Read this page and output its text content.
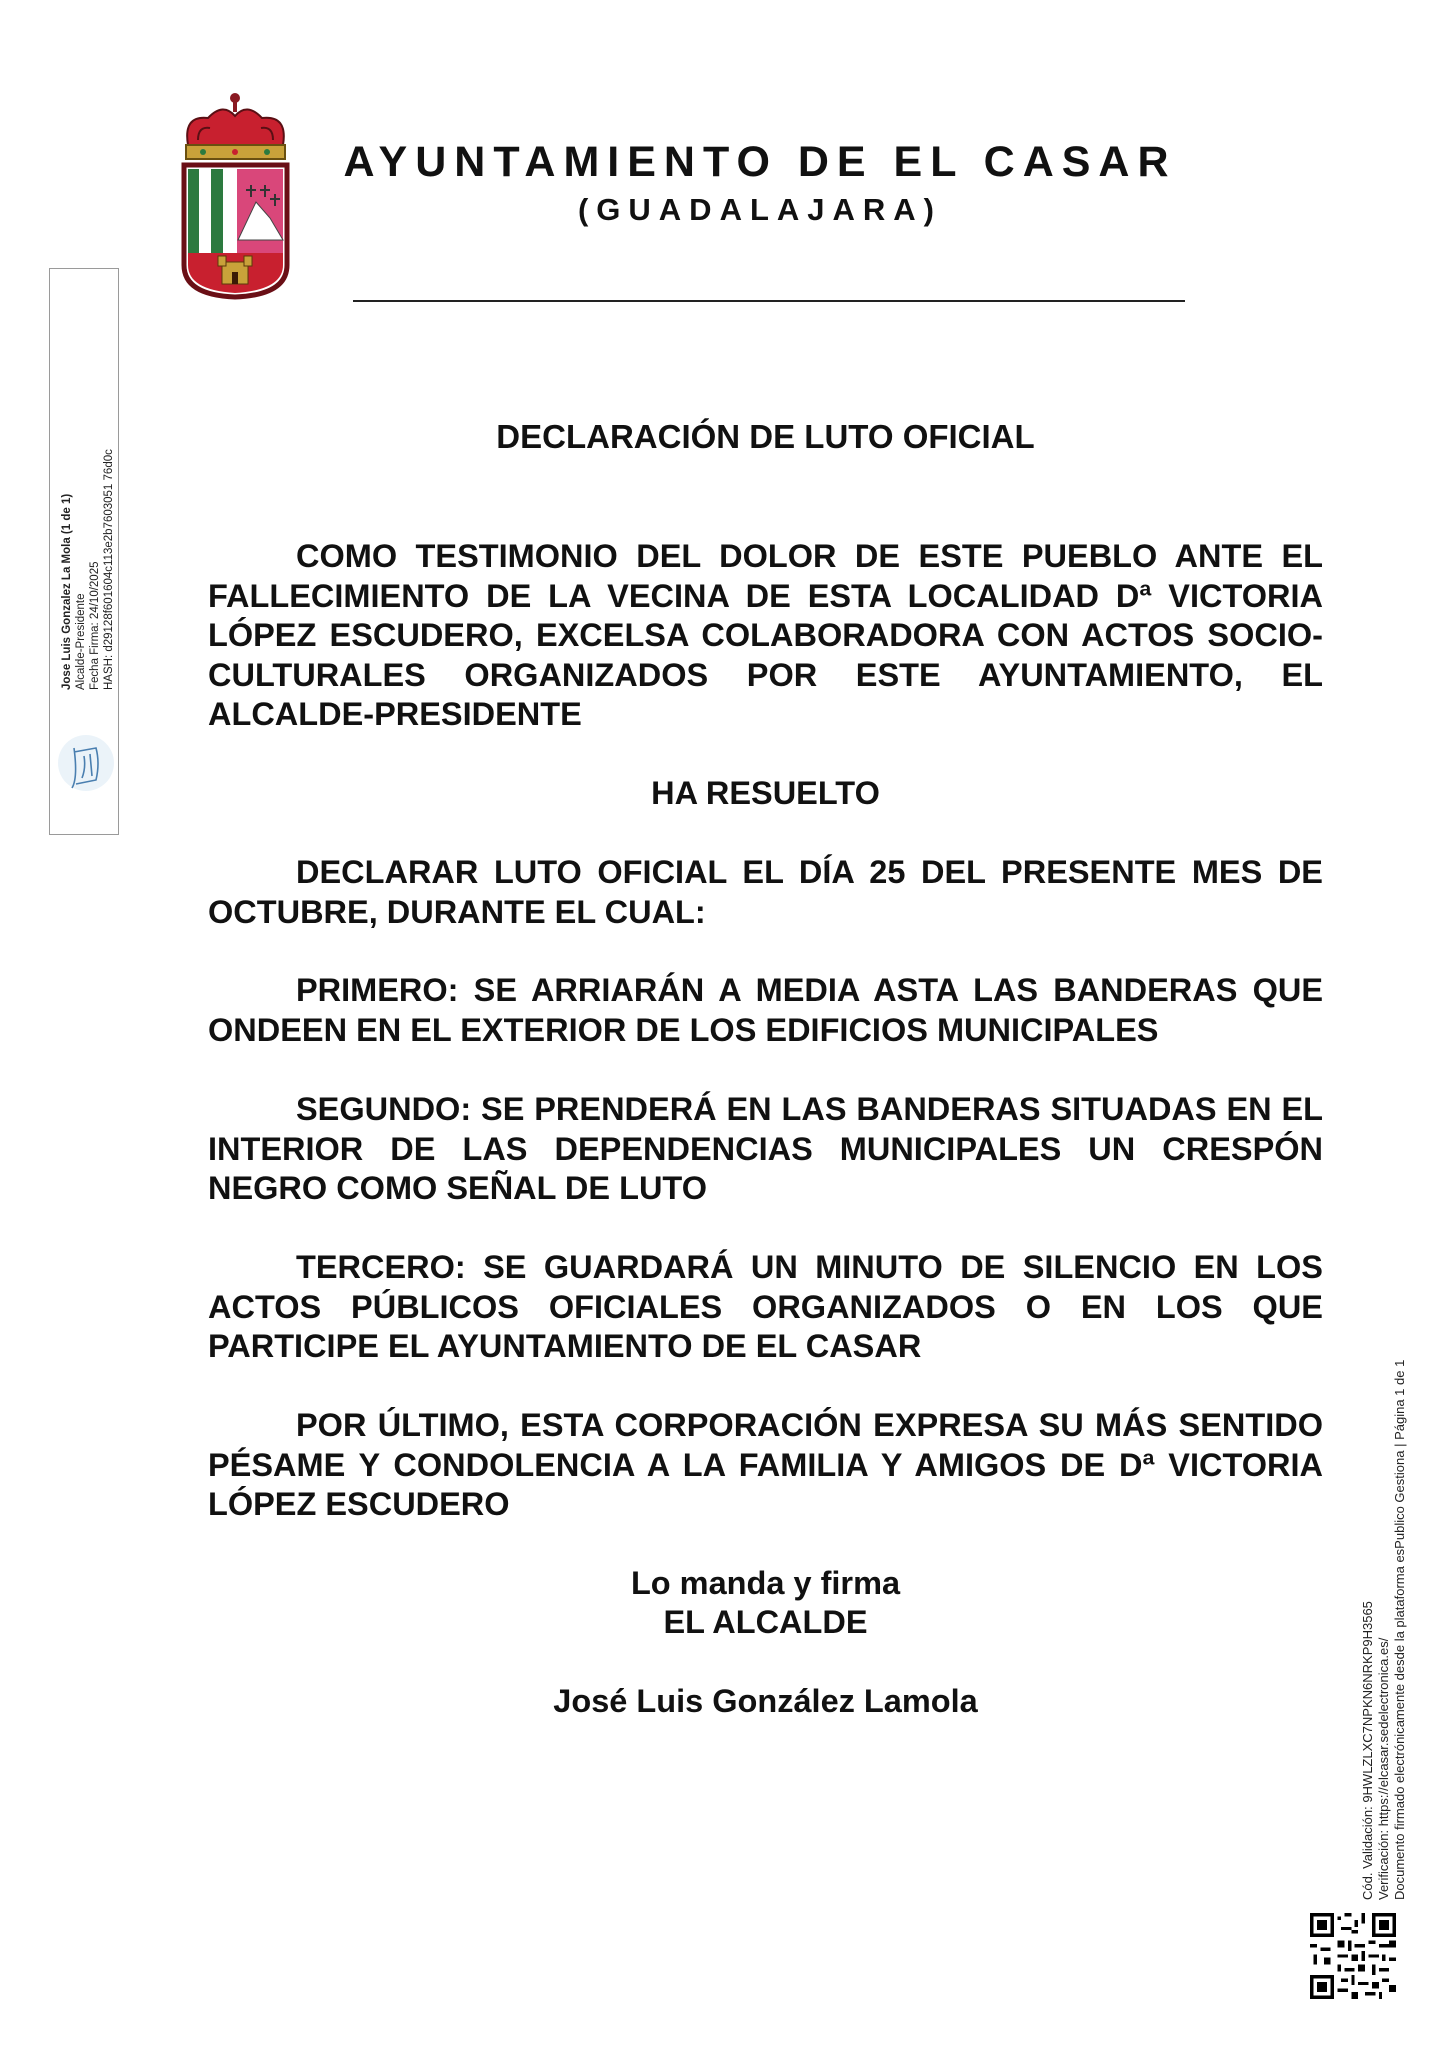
AYUNTAMIENTO DE EL CASAR
(GUADALAJARA)
DECLARACIÓN DE LUTO OFICIAL
COMO TESTIMONIO DEL DOLOR DE ESTE PUEBLO ANTE EL FALLECIMIENTO DE LA VECINA DE ESTA LOCALIDAD Dª VICTORIA LÓPEZ ESCUDERO, EXCELSA COLABORADORA CON ACTOS SOCIO-CULTURALES ORGANIZADOS POR ESTE AYUNTAMIENTO, EL ALCALDE-PRESIDENTE
HA RESUELTO
DECLARAR LUTO OFICIAL EL DÍA 25 DEL PRESENTE MES DE OCTUBRE, DURANTE EL CUAL:
PRIMERO: SE ARRIARÁN A MEDIA ASTA LAS BANDERAS QUE ONDEEN EN EL EXTERIOR DE LOS EDIFICIOS MUNICIPALES
SEGUNDO: SE PRENDERÁ EN LAS BANDERAS SITUADAS EN EL INTERIOR DE LAS DEPENDENCIAS MUNICIPALES UN CRESPÓN NEGRO COMO SEÑAL DE LUTO
TERCERO: SE GUARDARÁ UN MINUTO DE SILENCIO EN LOS ACTOS PÚBLICOS OFICIALES ORGANIZADOS O EN LOS QUE PARTICIPE EL AYUNTAMIENTO DE EL CASAR
POR ÚLTIMO, ESTA CORPORACIÓN EXPRESA SU MÁS SENTIDO PÉSAME Y CONDOLENCIA A LA FAMILIA Y AMIGOS DE Dª VICTORIA LÓPEZ ESCUDERO
Lo manda y firma
EL ALCALDE
José Luis González Lamola
Jose Luis Gonzalez La Mola (1 de 1) Alcalde-Presidente Fecha Firma: 24/10/2025 HASH: d29128f601604c113e2b7603051 76d0c
Cód. Validación: 9HWLZLXC7NPKN6NRKP9H3565 Verificación: https://elcasar.sedelectronica.es/ Documento firmado electrónicamente desde la plataforma esPublico Gestiona | Página 1 de 1
